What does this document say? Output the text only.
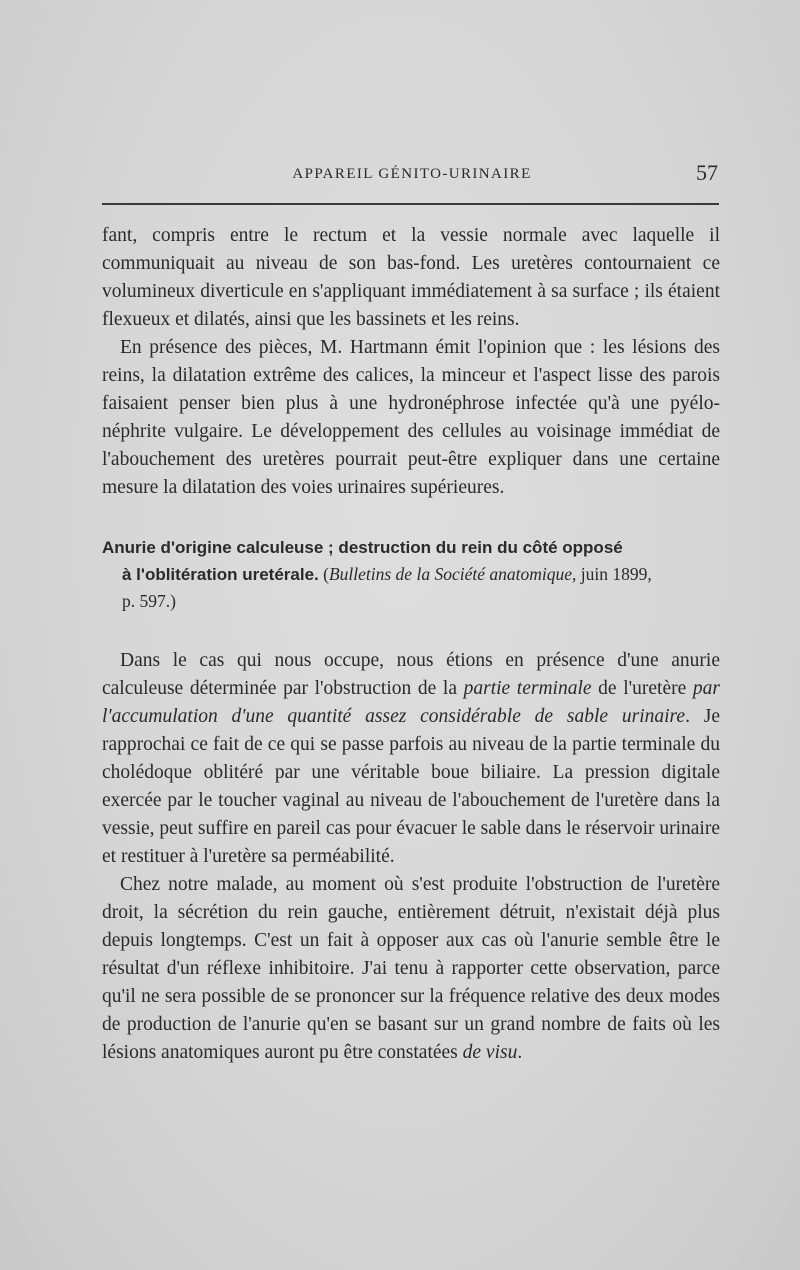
APPAREIL GÉNITO-URINAIRE	57

fant, compris entre le rectum et la vessie normale avec laquelle il communiquait au niveau de son bas-fond. Les uretères contournaient ce volumineux diverticule en s'appliquant immédiatement à sa surface ; ils étaient flexueux et dilatés, ainsi que les bassinets et les reins.

En présence des pièces, M. Hartmann émit l'opinion que : les lésions des reins, la dilatation extrême des calices, la minceur et l'aspect lisse des parois faisaient penser bien plus à une hydronéphrose infectée qu'à une pyélo-néphrite vulgaire. Le développement des cellules au voisinage immédiat de l'abouchement des uretères pourrait peut-être expliquer dans une certaine mesure la dilatation des voies urinaires supérieures.

Anurie d'origine calculeuse ; destruction du rein du côté opposé
à l'oblitération uretérale. (Bulletins de la Société anatomique, juin 1899,
p. 597.)

Dans le cas qui nous occupe, nous étions en présence d'une anurie calculeuse déterminée par l'obstruction de la partie terminale de l'uretère par l'accumulation d'une quantité assez considérable de sable urinaire. Je rapprochai ce fait de ce qui se passe parfois au niveau de la partie terminale du cholédoque oblitéré par une véritable boue biliaire. La pression digitale exercée par le toucher vaginal au niveau de l'abouchement de l'uretère dans la vessie, peut suffire en pareil cas pour évacuer le sable dans le réservoir urinaire et restituer à l'uretère sa perméabilité.

Chez notre malade, au moment où s'est produite l'obstruction de l'uretère droit, la sécrétion du rein gauche, entièrement détruit, n'existait déjà plus depuis longtemps. C'est un fait à opposer aux cas où l'anurie semble être le résultat d'un réflexe inhibitoire. J'ai tenu à rapporter cette observation, parce qu'il ne sera possible de se prononcer sur la fréquence relative des deux modes de production de l'anurie qu'en se basant sur un grand nombre de faits où les lésions anatomiques auront pu être constatées de visu.
